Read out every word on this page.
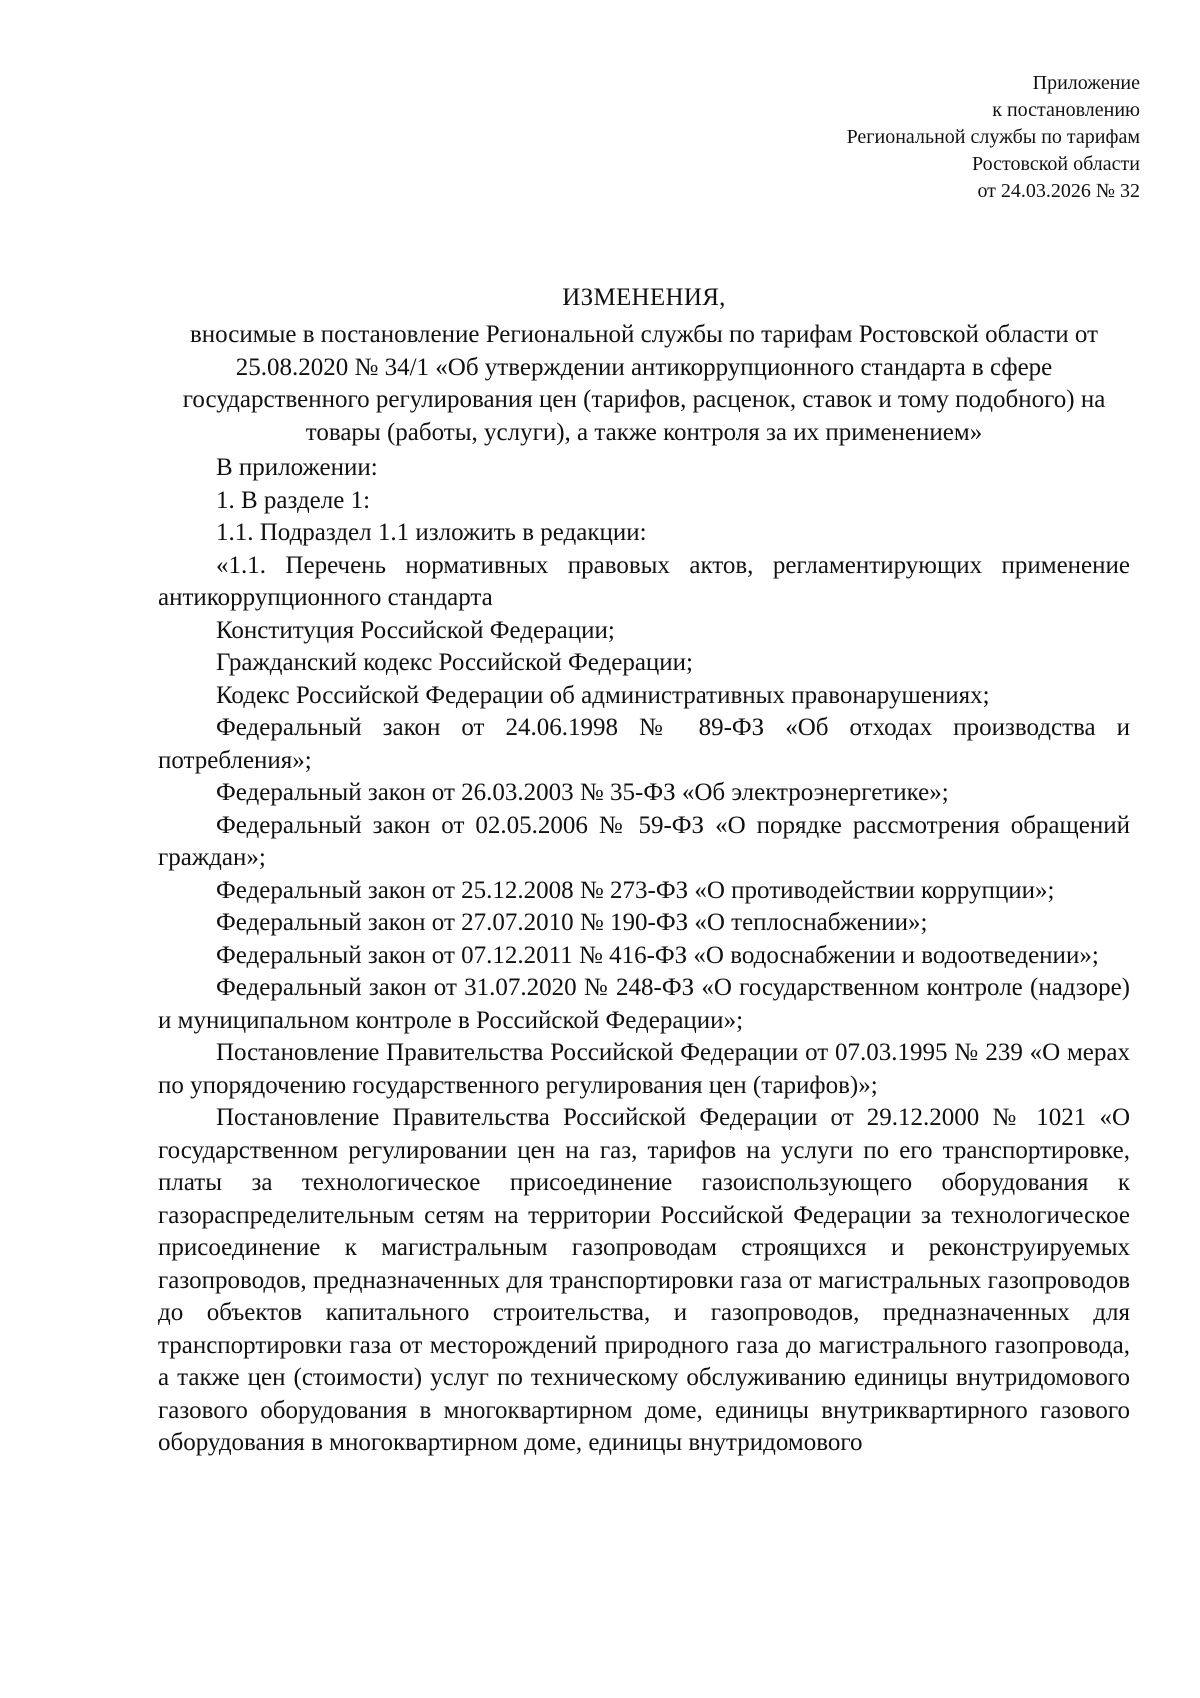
Приложение
к постановлению
Региональной службы по тарифам
Ростовской области
от 24.03.2026 № 32
ИЗМЕНЕНИЯ,
вносимые в постановление Региональной службы по тарифам Ростовской области от 25.08.2020 № 34/1 «Об утверждении антикоррупционного стандарта в сфере государственного регулирования цен (тарифов, расценок, ставок и тому подобного) на товары (работы, услуги), а также контроля за их применением»

В приложении:

1. В разделе 1:

1.1. Подраздел 1.1 изложить в редакции:

«1.1. Перечень нормативных правовых актов, регламентирующих применение антикоррупционного стандарта

Конституция Российской Федерации;

Гражданский кодекс Российской Федерации;

Кодекс Российской Федерации об административных правонарушениях;

Федеральный закон от 24.06.1998 № 89-ФЗ «Об отходах производства и потребления»;

Федеральный закон от 26.03.2003 № 35-ФЗ «Об электроэнергетике»;

Федеральный закон от 02.05.2006 № 59-ФЗ «О порядке рассмотрения обращений граждан»;

Федеральный закон от 25.12.2008 № 273-ФЗ «О противодействии коррупции»;

Федеральный закон от 27.07.2010 № 190-ФЗ «О теплоснабжении»;

Федеральный закон от 07.12.2011 № 416-ФЗ «О водоснабжении и водоотведении»;

Федеральный закон от 31.07.2020 № 248-ФЗ «О государственном контроле (надзоре) и муниципальном контроле в Российской Федерации»;

Постановление Правительства Российской Федерации от 07.03.1995 № 239 «О мерах по упорядочению государственного регулирования цен (тарифов)»;

Постановление Правительства Российской Федерации от 29.12.2000 № 1021 «О государственном регулировании цен на газ, тарифов на услуги по его транспортировке, платы за технологическое присоединение газоиспользующего оборудования к газораспределительным сетям на территории Российской Федерации за технологическое присоединение к магистральным газопроводам строящихся и реконструируемых газопроводов, предназначенных для транспортировки газа от магистральных газопроводов до объектов капитального строительства, и газопроводов, предназначенных для транспортировки газа от месторождений природного газа до магистрального газопровода, а также цен (стоимости) услуг по техническому обслуживанию единицы внутридомового газового оборудования в многоквартирном доме, единицы внутриквартирного газового оборудования в многоквартирном доме, единицы внутридомового
